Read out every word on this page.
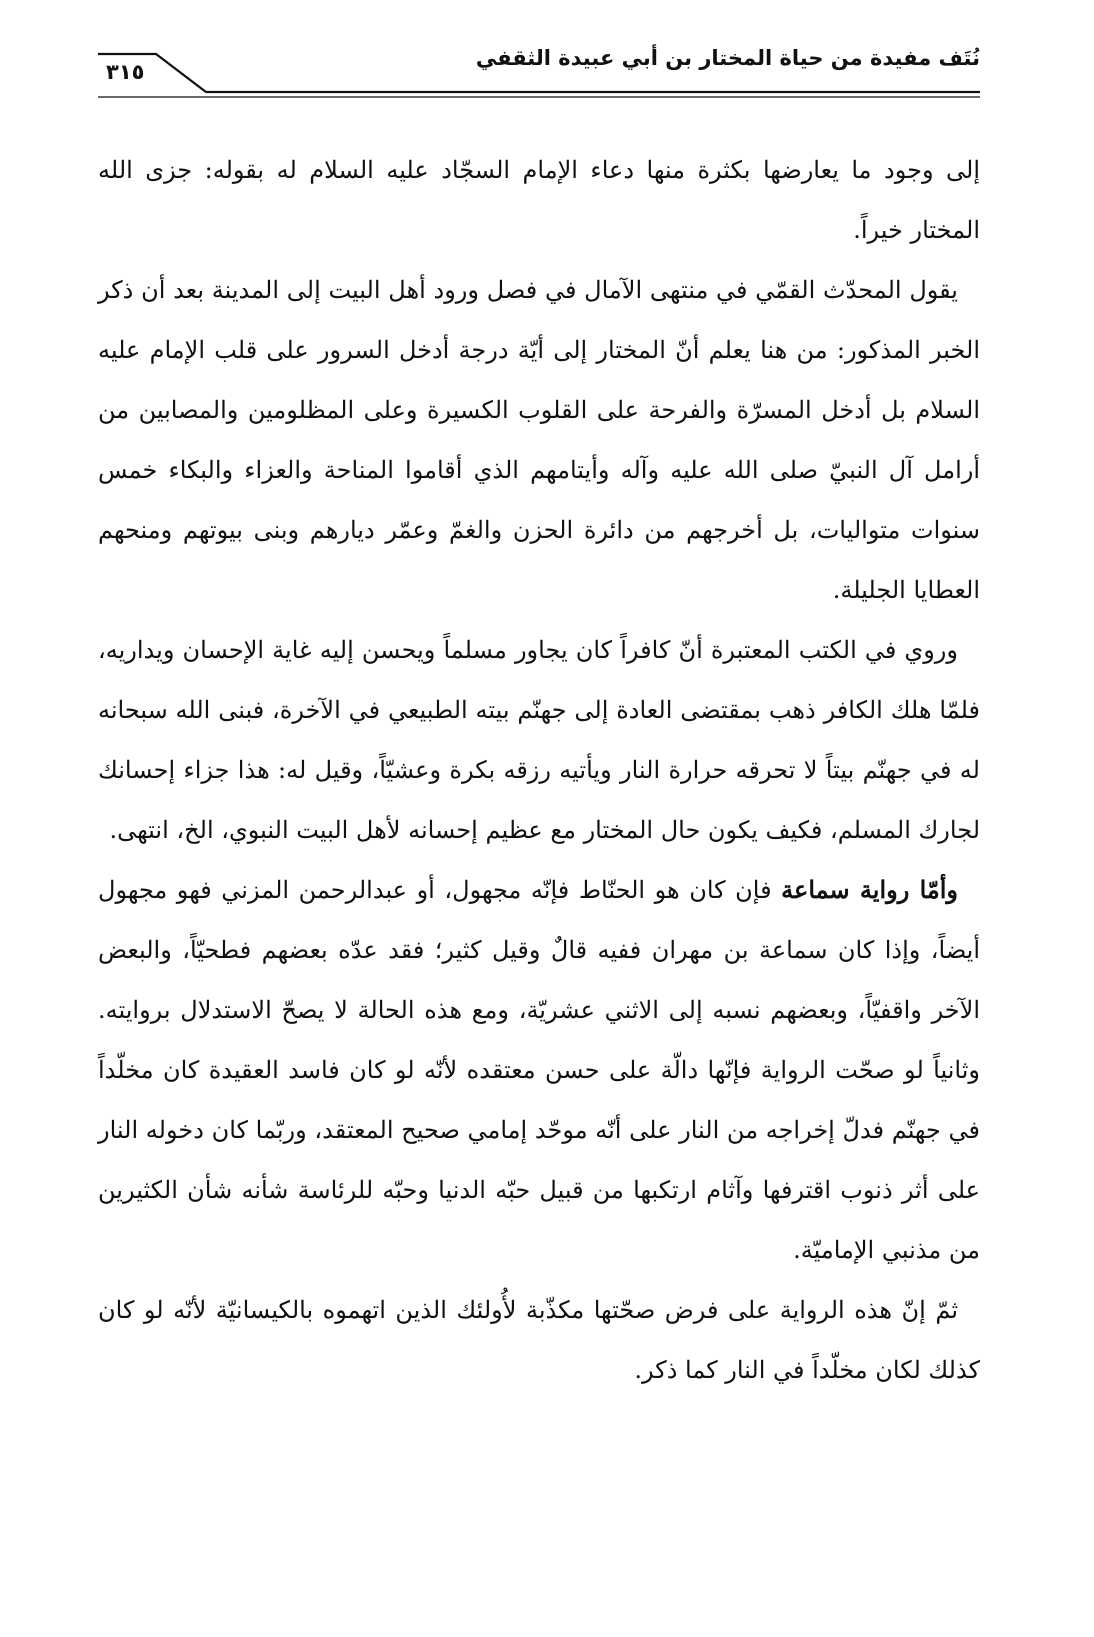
نُتَف مفيدة من حياة المختار بن أبي عبيدة الثقفي
٣١٥

إلى وجود ما يعارضها بكثرة منها دعاء الإمام السجّاد عليه السلام له بقوله: جزى الله المختار خيراً.

يقول المحدّث القمّي في منتهى الآمال في فصل ورود أهل البيت إلى المدينة بعد أن ذكر الخبر المذكور: من هنا يعلم أنّ المختار إلى أيّة درجة أدخل السرور على قلب الإمام عليه السلام بل أدخل المسرّة والفرحة على القلوب الكسيرة وعلى المظلومين والمصابين من أرامل آل النبيّ صلى الله عليه وآله وأيتامهم الذي أقاموا المناحة والعزاء والبكاء خمس سنوات متواليات، بل أخرجهم من دائرة الحزن والغمّ وعمّر ديارهم وبنى بيوتهم ومنحهم العطايا الجليلة.

وروي في الكتب المعتبرة أنّ كافراً كان يجاور مسلماً ويحسن إليه غاية الإحسان ويداريه، فلمّا هلك الكافر ذهب بمقتضى العادة إلى جهنّم بيته الطبيعي في الآخرة، فبنى الله سبحانه له في جهنّم بيتاً لا تحرقه حرارة النار ويأتيه رزقه بكرة وعشيّاً، وقيل له: هذا جزاء إحسانك لجارك المسلم، فكيف يكون حال المختار مع عظيم إحسانه لأهل البيت النبوي، الخ، انتهى.

وأمّا رواية سماعة فإن كان هو الحنّاط فإنّه مجهول، أو عبدالرحمن المزني فهو مجهول أيضاً، وإذا كان سماعة بن مهران ففيه قالٌ وقيل كثير؛ فقد عدّه بعضهم فطحيّاً، والبعض الآخر واقفيّاً، وبعضهم نسبه إلى الاثني عشريّة، ومع هذه الحالة لا يصحّ الاستدلال بروايته. وثانياً لو صحّت الرواية فإنّها دالّة على حسن معتقده لأنّه لو كان فاسد العقيدة كان مخلّداً في جهنّم فدلّ إخراجه من النار على أنّه موحّد إمامي صحيح المعتقد، وربّما كان دخوله النار على أثر ذنوب اقترفها وآثام ارتكبها من قبيل حبّه الدنيا وحبّه للرئاسة شأنه شأن الكثيرين من مذنبي الإماميّة.

ثمّ إنّ هذه الرواية على فرض صحّتها مكذّبة لأُولئك الذين اتهموه بالكيسانيّة لأنّه لو كان كذلك لكان مخلّداً في النار كما ذكر.
